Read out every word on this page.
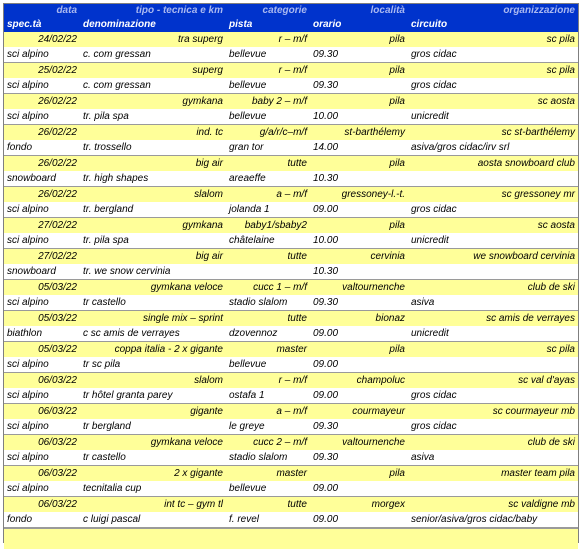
data	tipo - tecnica e km	categorie	località	organizzazione
spec.tà	denominazione	pista	orario	circuito
24/02/22	tra superg	r – m/f	pila	sc pila
sci alpino	c. com gressan	bellevue	09.30	gros cidac
25/02/22	superg	r – m/f	pila	sc pila
sci alpino	c. com gressan	bellevue	09.30	gros cidac
26/02/22	gymkana	baby 2 – m/f	pila	sc aosta
sci alpino	tr. pila spa	bellevue	10.00	unicredit
26/02/22	ind. tc	g/a/r/c–m/f	st-barthélemy	sc st-barthélemy
fondo	tr. trossello	gran tor	14.00	asiva/gros cidac/irv srl
26/02/22	big air	tutte	pila	aosta snowboard club
snowboard	tr. high shapes	areaeffe	10.30	
26/02/22	slalom	a – m/f	gressoney-l.-t.	sc gressoney mr
sci alpino	tr. bergland	jolanda 1	09.00	gros cidac
27/02/22	gymkana	baby1/sbaby2	pila	sc aosta
sci alpino	tr. pila spa	châtelaine	10.00	unicredit
27/02/22	big air	tutte	cervinia	we snowboard cervinia
snowboard	tr. we snow cervinia		10.30	
05/03/22	gymkana veloce	cucc 1 – m/f	valtournenche	club de ski
sci alpino	tr castello	stadio slalom	09.30	asiva
05/03/22	single mix – sprint	tutte	bionaz	sc amis de verrayes
biathlon	c sc amis de verrayes	dzovennoz	09.00	unicredit
05/03/22	coppa italia - 2 x gigante	master	pila	sc pila
sci alpino	tr sc pila	bellevue	09.00	
06/03/22	slalom	r – m/f	champoluc	sc val d'ayas
sci alpino	tr hôtel granta parey	ostafa 1	09.00	gros cidac
06/03/22	gigante	a – m/f	courmayeur	sc courmayeur mb
sci alpino	tr bergland	le greye	09.30	gros cidac
06/03/22	gymkana veloce	cucc 2 – m/f	valtournenche	club de ski
sci alpino	tr castello	stadio slalom	09.30	asiva
06/03/22	2 x gigante	master	pila	master team pila
sci alpino	tecnitalia cup	bellevue	09.00	
06/03/22	int tc – gym tl	tutte	morgex	sc valdigne mb
fondo	c luigi pascal	f. revel	09.00	senior/asiva/gros cidac/baby
